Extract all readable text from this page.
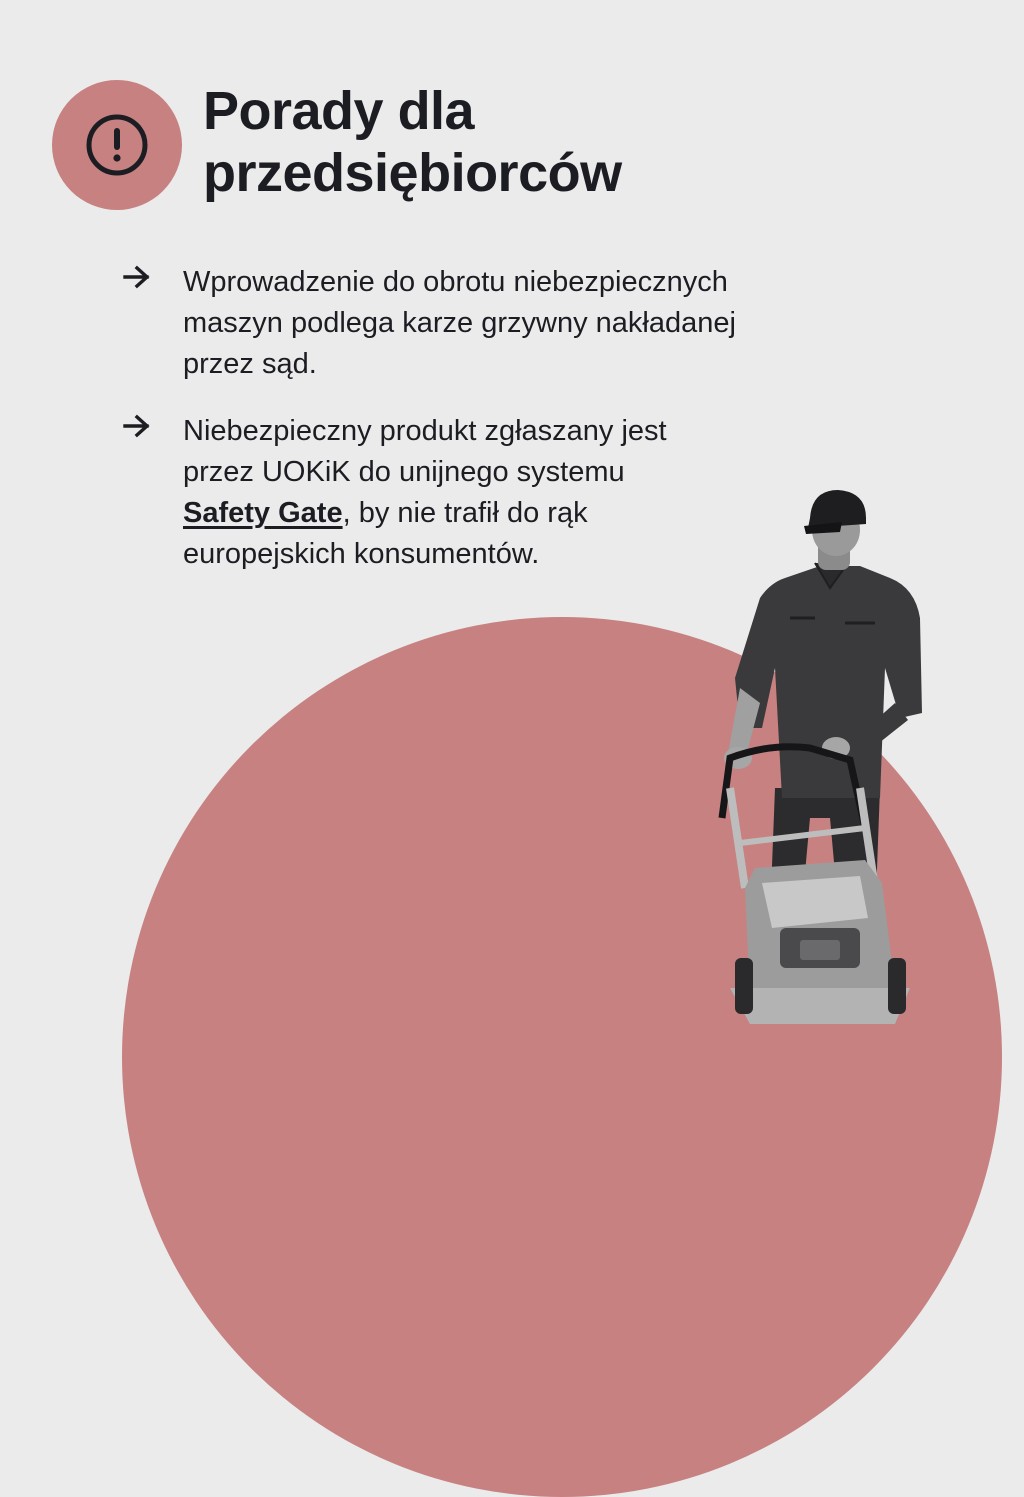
Porady dla
przedsiębiorców

Wprowadzenie do obrotu niebezpiecznych

maszyn podlega karze grzywny nakładanej

przez sąd.

Niebezpieczny produkt zgłaszany jest

przez UOKiK do unijnego systemu

Safety Gate, by nie trafił do rąk

europejskich konsumentów.
